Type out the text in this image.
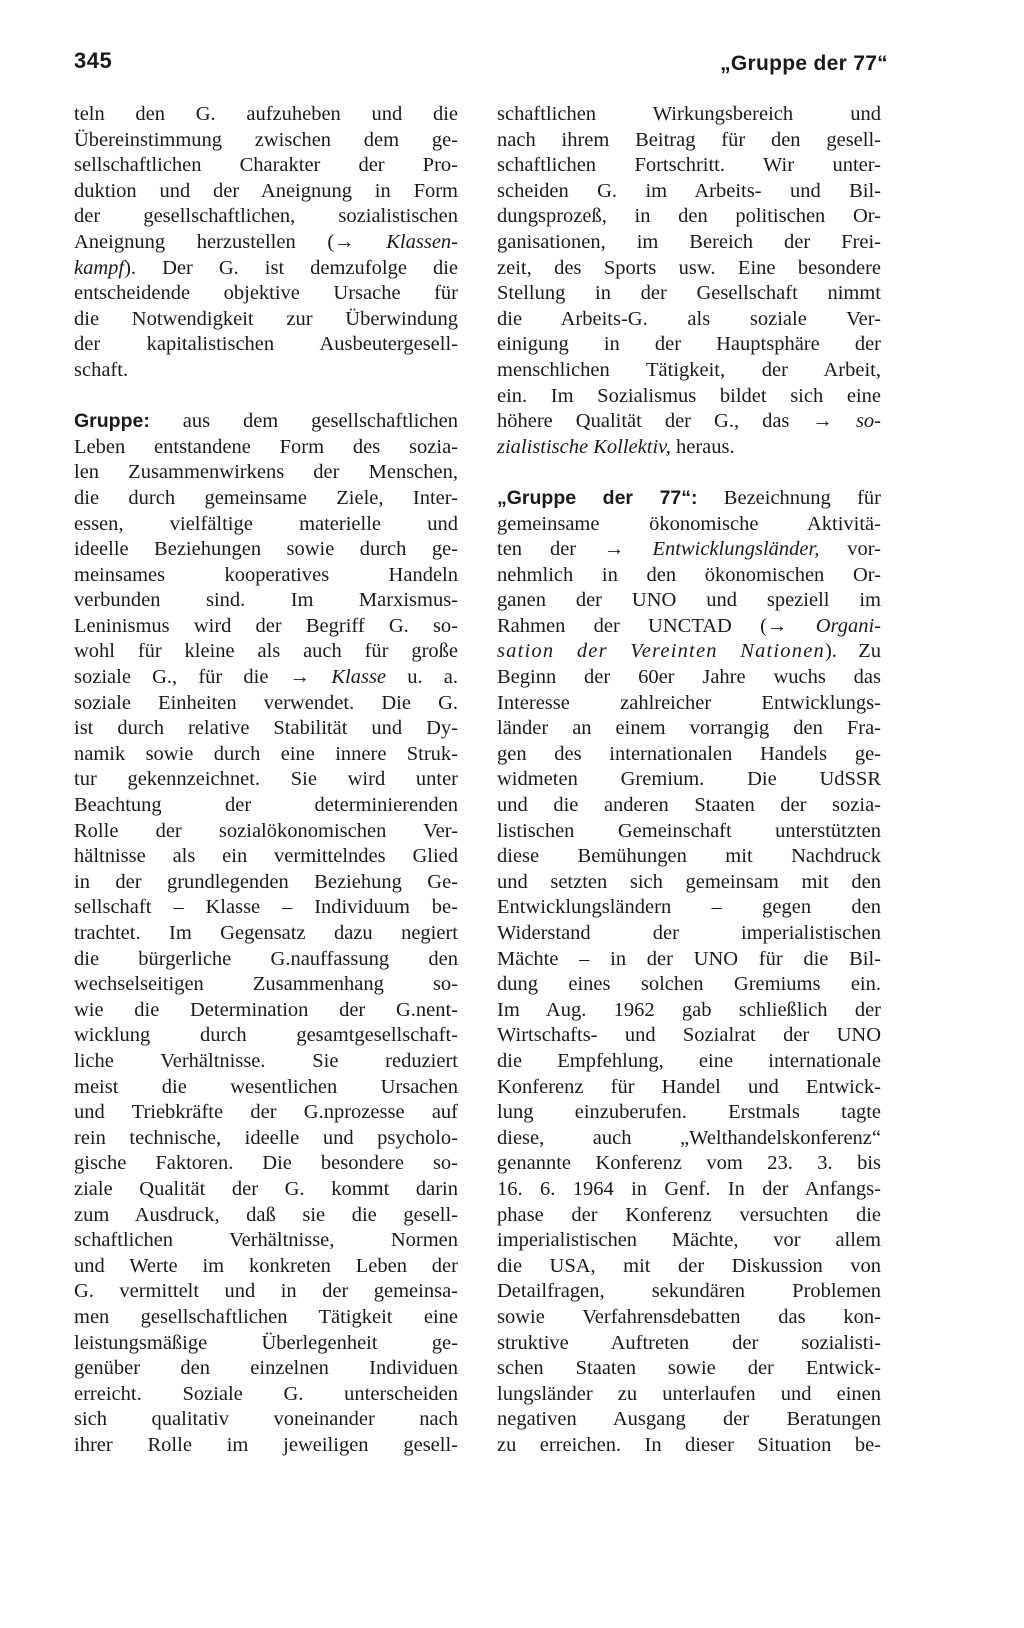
345	„Gruppe der 77“
teln den G. aufzuheben und die
Übereinstimmung zwischen dem ge-
sellschaftlichen Charakter der Pro-
duktion und der Aneignung in Form
der gesellschaftlichen, sozialistischen
Aneignung herzustellen (→ Klassen-
kampf). Der G. ist demzufolge die
entscheidende objektive Ursache für
die Notwendigkeit zur Überwindung
der kapitalistischen Ausbeutergesell-
schaft.
Gruppe: aus dem gesellschaftlichen
Leben entstandene Form des sozia-
len Zusammenwirkens der Menschen,
die durch gemeinsame Ziele, Inter-
essen, vielfältige materielle und
ideelle Beziehungen sowie durch ge-
meinsames kooperatives Handeln
verbunden sind. Im Marxismus-
Leninismus wird der Begriff G. so-
wohl für kleine als auch für große
soziale G., für die → Klasse u. a.
soziale Einheiten verwendet. Die G.
ist durch relative Stabilität und Dy-
namik sowie durch eine innere Struk-
tur gekennzeichnet. Sie wird unter
Beachtung der determinierenden
Rolle der sozialökonomischen Ver-
hältnisse als ein vermittelndes Glied
in der grundlegenden Beziehung Ge-
sellschaft – Klasse – Individuum be-
trachtet. Im Gegensatz dazu negiert
die bürgerliche G.nauffassung den
wechselseitigen Zusammenhang so-
wie die Determination der G.nent-
wicklung durch gesamtgesellschaft-
liche Verhältnisse. Sie reduziert
meist die wesentlichen Ursachen
und Triebkräfte der G.nprozesse auf
rein technische, ideelle und psycholo-
gische Faktoren. Die besondere so-
ziale Qualität der G. kommt darin
zum Ausdruck, daß sie die gesell-
schaftlichen Verhältnisse, Normen
und Werte im konkreten Leben der
G. vermittelt und in der gemeinsa-
men gesellschaftlichen Tätigkeit eine
leistungsmäßige Überlegenheit ge-
genüber den einzelnen Individuen
erreicht. Soziale G. unterscheiden
sich qualitativ voneinander nach
ihrer Rolle im jeweiligen gesell-
schaftlichen Wirkungsbereich und
nach ihrem Beitrag für den gesell-
schaftlichen Fortschritt. Wir unter-
scheiden G. im Arbeits- und Bil-
dungsprozeß, in den politischen Or-
ganisationen, im Bereich der Frei-
zeit, des Sports usw. Eine besondere
Stellung in der Gesellschaft nimmt
die Arbeits-G. als soziale Ver-
einigung in der Hauptsphäre der
menschlichen Tätigkeit, der Arbeit,
ein. Im Sozialismus bildet sich eine
höhere Qualität der G., das → so-
zialistische Kollektiv, heraus.
„Gruppe der 77“: Bezeichnung für
gemeinsame ökonomische Aktivitä-
ten der → Entwicklungsländer, vor-
nehmlich in den ökonomischen Or-
ganen der UNO und speziell im
Rahmen der UNCTAD (→ Organi-
sation der Vereinten Nationen). Zu
Beginn der 60er Jahre wuchs das
Interesse zahlreicher Entwicklungs-
länder an einem vorrangig den Fra-
gen des internationalen Handels ge-
widmeten Gremium. Die UdSSR
und die anderen Staaten der sozia-
listischen Gemeinschaft unterstützten
diese Bemühungen mit Nachdruck
und setzten sich gemeinsam mit den
Entwicklungsländern – gegen den
Widerstand der imperialistischen
Mächte – in der UNO für die Bil-
dung eines solchen Gremiums ein.
Im Aug. 1962 gab schließlich der
Wirtschafts- und Sozialrat der UNO
die Empfehlung, eine internationale
Konferenz für Handel und Entwick-
lung einzuberufen. Erstmals tagte
diese, auch „Welthandelskonferenz“
genannte Konferenz vom 23. 3. bis
16. 6. 1964 in Genf. In der Anfangs-
phase der Konferenz versuchten die
imperialistischen Mächte, vor allem
die USA, mit der Diskussion von
Detailfragen, sekundären Problemen
sowie Verfahrensdebatten das kon-
struktive Auftreten der sozialisti-
schen Staaten sowie der Entwick-
lungsländer zu unterlaufen und einen
negativen Ausgang der Beratungen
zu erreichen. In dieser Situation be-
